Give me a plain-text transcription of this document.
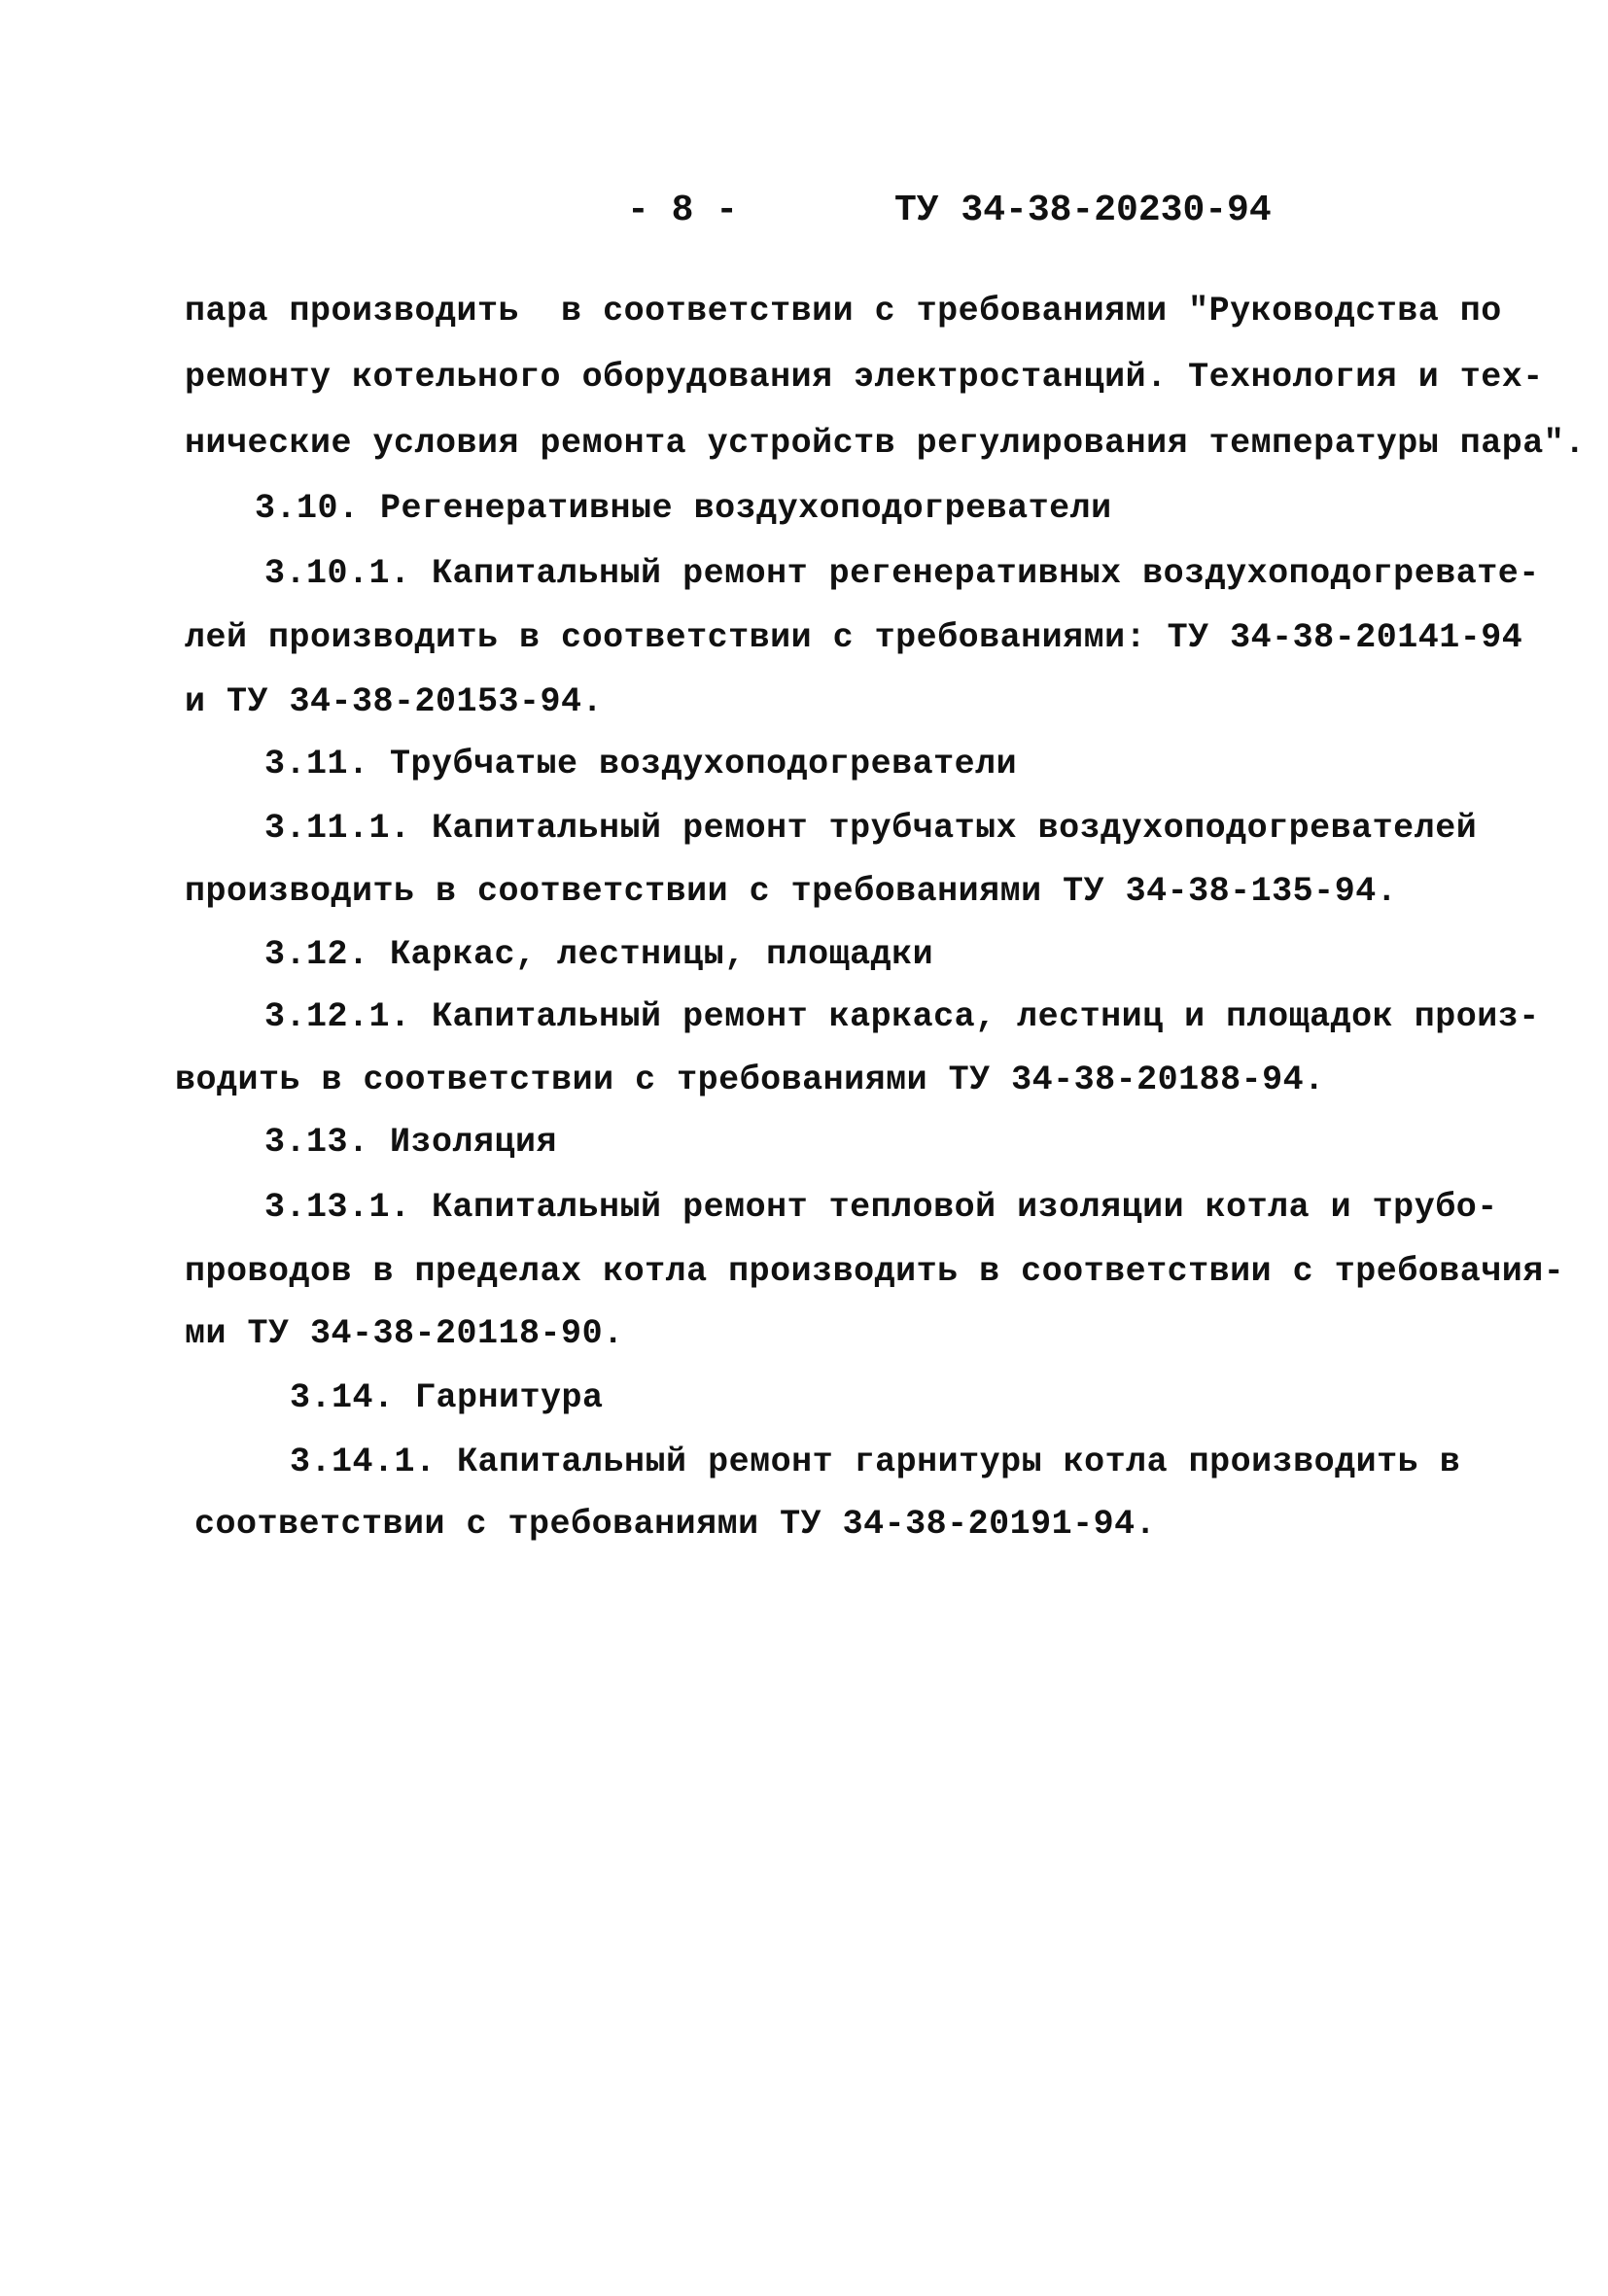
- 8 -	ТУ 34-38-20230-94
пара производить  в соответствии с требованиями "Руководства по
ремонту котельного оборудования электростанций. Технология и тех-
нические условия ремонта устройств регулирования температуры пара".
3.10. Регенеративные воздухоподогреватели
3.10.1. Капитальный ремонт регенеративных воздухоподогревате-
лей производить в соответствии с требованиями: ТУ 34-38-20141-94
и ТУ 34-38-20153-94.
3.11. Трубчатые воздухоподогреватели
3.11.1. Капитальный ремонт трубчатых воздухоподогревателей
производить в соответствии с требованиями ТУ 34-38-135-94.
3.12. Каркас, лестницы, площадки
3.12.1. Капитальный ремонт каркаса, лестниц и площадок произ-
водить в соответствии с требованиями ТУ 34-38-20188-94.
3.13. Изоляция
3.13.1. Капитальный ремонт тепловой изоляции котла и трубо-
проводов в пределах котла производить в соответствии с требовачия-
ми ТУ 34-38-20118-90.
3.14. Гарнитура
3.14.1. Капитальный ремонт гарнитуры котла производить в
соответствии с требованиями ТУ 34-38-20191-94.
